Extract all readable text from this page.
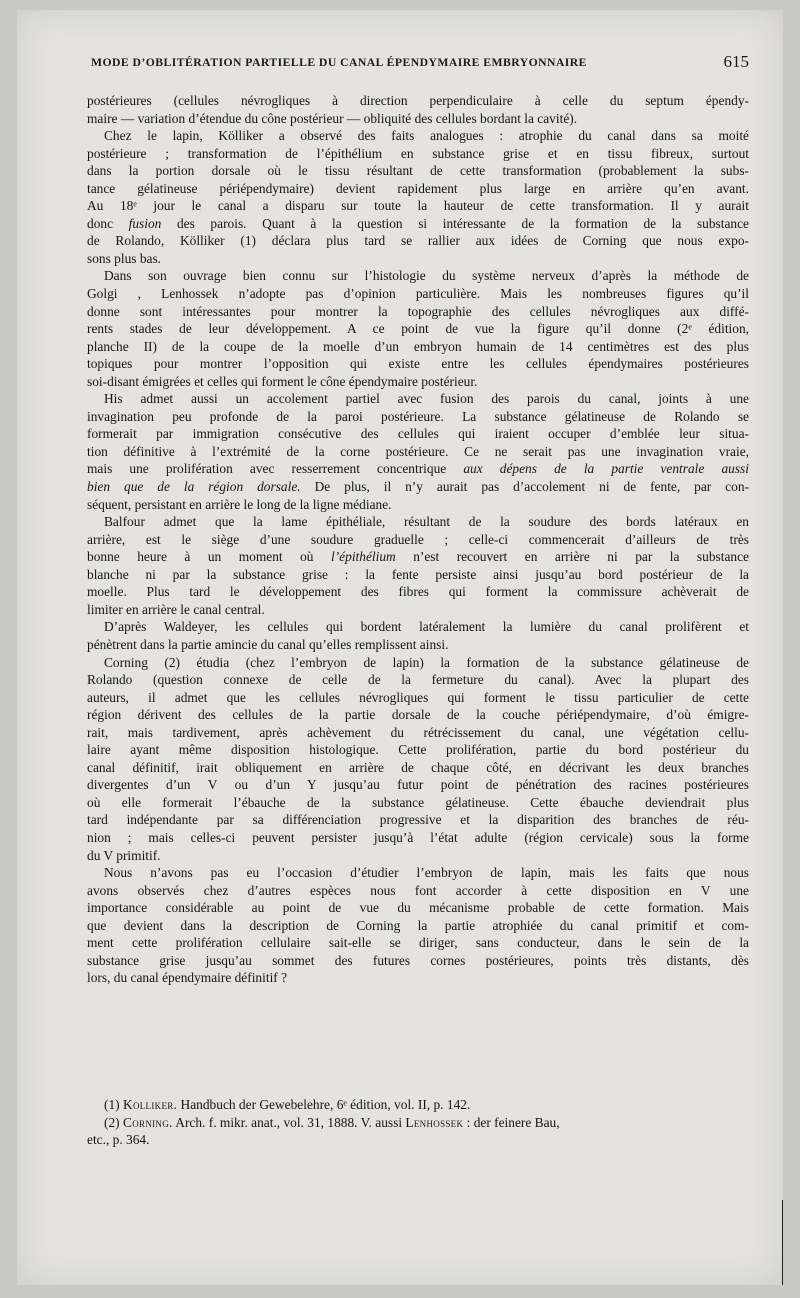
MODE D’OBLITÉRATION PARTIELLE DU CANAL ÉPENDYMAIRE EMBRYONNAIRE	615
postérieures (cellules névrogliques à direction perpendiculaire à celle du septum épendy-
maire — variation d’étendue du cône postérieur — obliquité des cellules bordant la cavité).
Chez le lapin, Kölliker a observé des faits analogues : atrophie du canal dans sa moité
postérieure ; transformation de l’épithélium en substance grise et en tissu fibreux, surtout
dans la portion dorsale où le tissu résultant de cette transformation (probablement la subs-
tance gélatineuse périépendymaire) devient rapidement plus large en arrière qu’en avant.
Au 18ᵉ jour le canal a disparu sur toute la hauteur de cette transformation. Il y aurait
donc fusion des parois. Quant à la question si intéressante de la formation de la substance
de Rolando, Kölliker (1) déclara plus tard se rallier aux idées de Corning que nous expo-
sons plus bas.
Dans son ouvrage bien connu sur l’histologie du système nerveux d’après la méthode de
Golgi , Lenhossek n’adopte pas d’opinion particulière. Mais les nombreuses figures qu’il
donne sont intéressantes pour montrer la topographie des cellules névrogliques aux diffé-
rents stades de leur développement. A ce point de vue la figure qu’il donne (2ᵉ édition,
planche II) de la coupe de la moelle d’un embryon humain de 14 centimètres est des plus
topiques pour montrer l’opposition qui existe entre les cellules épendymaires postérieures
soi-disant émigrées et celles qui forment le cône épendymaire postérieur.
His admet aussi un accolement partiel avec fusion des parois du canal, joints à une
invagination peu profonde de la paroi postérieure. La substance gélatineuse de Rolando se
formerait par immigration consécutive des cellules qui iraient occuper d’emblée leur situa-
tion définitive à l’extrémité de la corne postérieure. Ce ne serait pas une invagination vraie,
mais une prolifération avec resserrement concentrique aux dépens de la partie ventrale aussi
bien que de la région dorsale. De plus, il n’y aurait pas d’accolement ni de fente, par con-
séquent, persistant en arrière le long de la ligne médiane.
Balfour admet que la lame épithéliale, résultant de la soudure des bords latéraux en
arrière, est le siège d’une soudure graduelle ; celle-ci commencerait d’ailleurs de très
bonne heure à un moment où l’épithélium n’est recouvert en arrière ni par la substance
blanche ni par la substance grise : la fente persiste ainsi jusqu’au bord postérieur de la
moelle. Plus tard le développement des fibres qui forment la commissure achèverait de
limiter en arrière le canal central.
D’après Waldeyer, les cellules qui bordent latéralement la lumière du canal prolifèrent et
pénètrent dans la partie amincie du canal qu’elles remplissent ainsi.
Corning (2) étudia (chez l’embryon de lapin) la formation de la substance gélatineuse de
Rolando (question connexe de celle de la fermeture du canal). Avec la plupart des
auteurs, il admet que les cellules névrogliques qui forment le tissu particulier de cette
région dérivent des cellules de la partie dorsale de la couche périépendymaire, d’où émigre-
rait, mais tardivement, après achèvement du rétrécissement du canal, une végétation cellu-
laire ayant même disposition histologique. Cette prolifération, partie du bord postérieur du
canal définitif, irait obliquement en arrière de chaque côté, en décrivant les deux branches
divergentes d’un V ou d’un Y jusqu’au futur point de pénétration des racines postérieures
où elle formerait l’ébauche de la substance gélatineuse. Cette ébauche deviendrait plus
tard indépendante par sa différenciation progressive et la disparition des branches de réu-
nion ; mais celles-ci peuvent persister jusqu’à l’état adulte (région cervicale) sous la forme
du V primitif.
Nous n’avons pas eu l’occasion d’étudier l’embryon de lapin, mais les faits que nous
avons observés chez d’autres espèces nous font accorder à cette disposition en V une
importance considérable au point de vue du mécanisme probable de cette formation. Mais
que devient dans la description de Corning la partie atrophiée du canal primitif et com-
ment cette prolifération cellulaire sait-elle se diriger, sans conducteur, dans le sein de la
substance grise jusqu’au sommet des futures cornes postérieures, points très distants, dès
lors, du canal épendymaire définitif ?

(1) Kolliker. Handbuch der Gewebelehre, 6ᵉ édition, vol. II, p. 142.

(2) Corning. Arch. f. mikr. anat., vol. 31, 1888. V. aussi Lenhossek : der feinere Bau,

etc., p. 364.
